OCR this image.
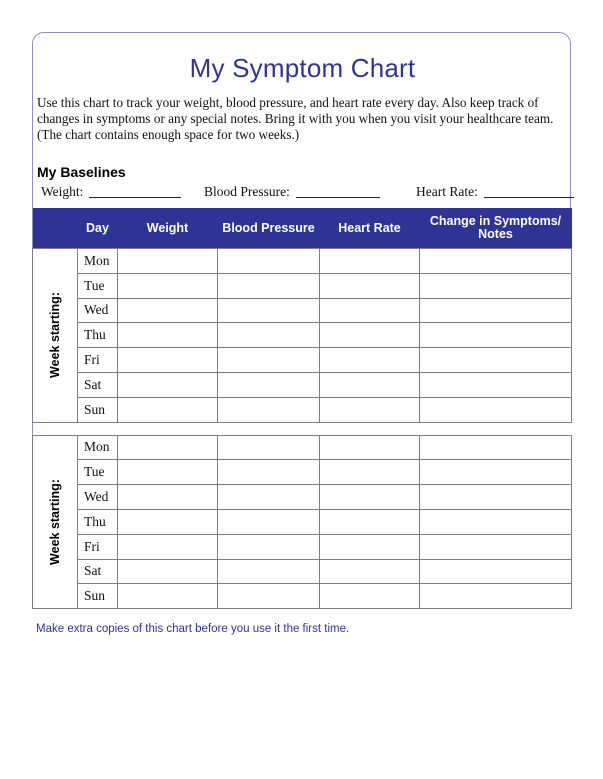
My Symptom Chart
Use this chart to track your weight, blood pressure, and heart rate every day. Also keep track of
changes in symptoms or any special notes. Bring it with you when you visit your healthcare team.
(The chart contains enough space for two weeks.)
My Baselines
Weight:	Blood Pressure:	Heart Rate:
	Day	Weight	Blood Pressure	Heart Rate	Change in Symptoms/
Notes

Week starting:	Mon				
	Tue				
	Wed				
	Thu				
	Fri				
	Sat				
	Sun				

Week starting:	Mon				
	Tue				
	Wed				
	Thu				
	Fri				
	Sat				
	Sun				
Make extra copies of this chart before you use it the first time.
